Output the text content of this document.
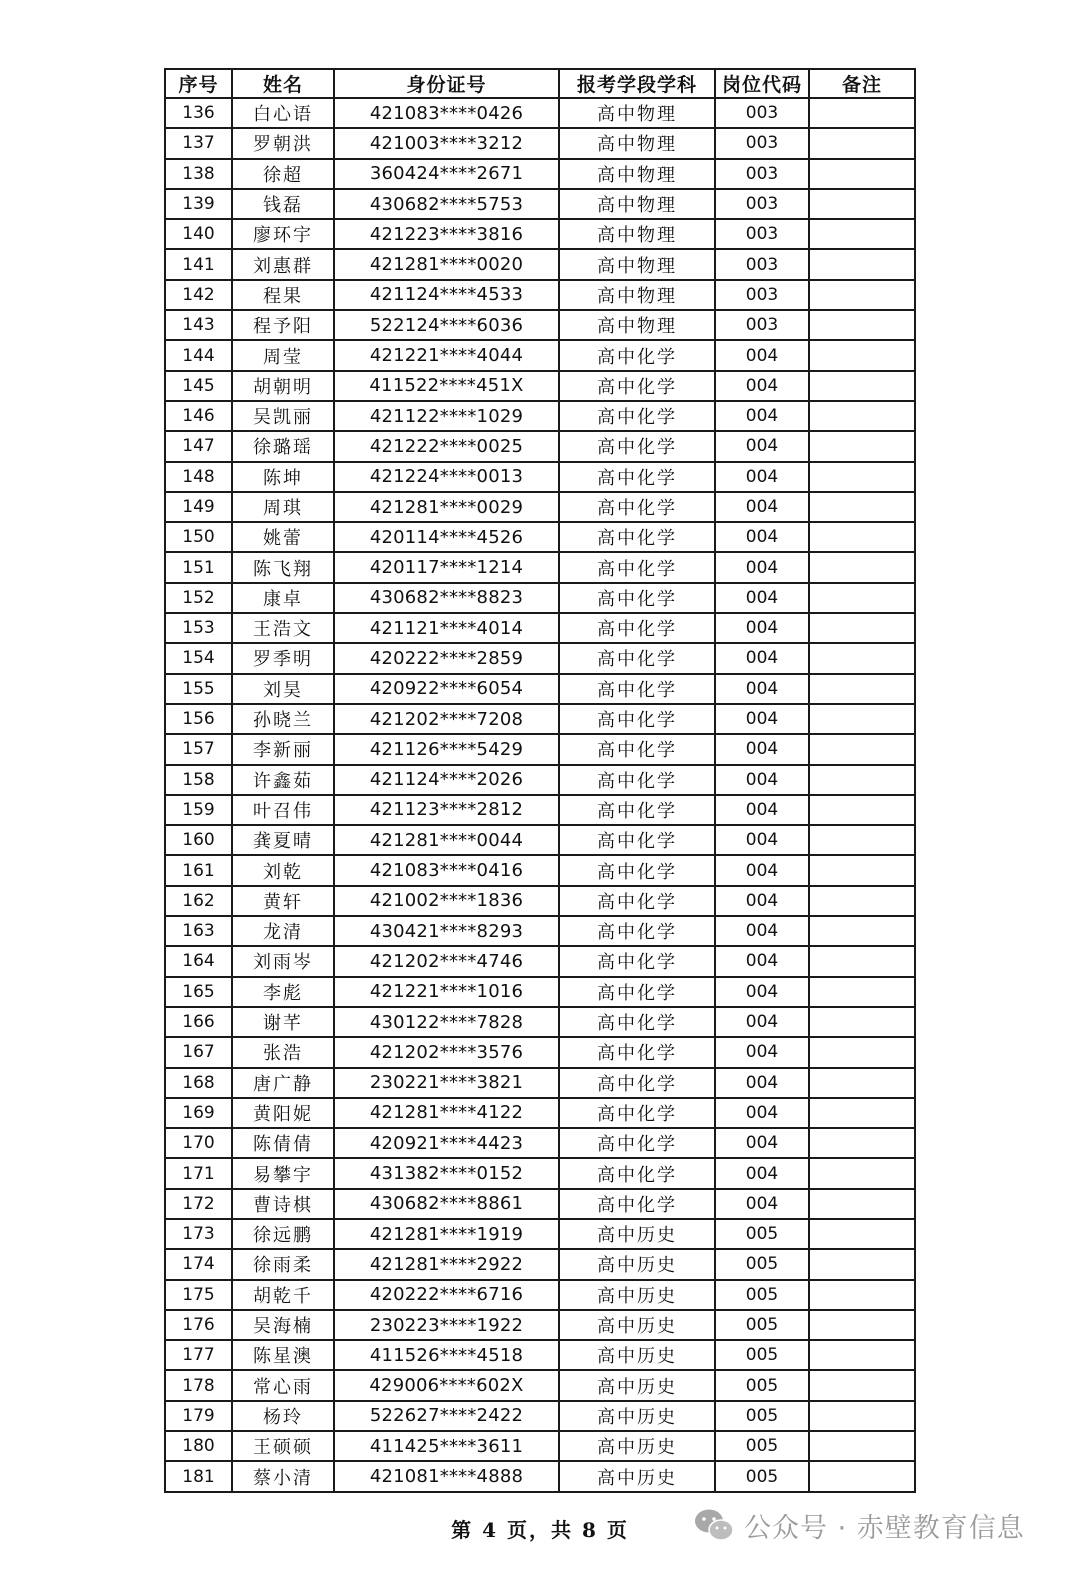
序号	姓名	身份证号	报考学段学科	岗位代码	备注
136	白心语	421083****0426	高中物理	003	
137	罗朝洪	421003****3212	高中物理	003	
138	徐超	360424****2671	高中物理	003	
139	钱磊	430682****5753	高中物理	003	
140	廖环宇	421223****3816	高中物理	003	
141	刘惠群	421281****0020	高中物理	003	
142	程果	421124****4533	高中物理	003	
143	程予阳	522124****6036	高中物理	003	
144	周莹	421221****4044	高中化学	004	
145	胡朝明	411522****451X	高中化学	004	
146	吴凯丽	421122****1029	高中化学	004	
147	徐璐瑶	421222****0025	高中化学	004	
148	陈坤	421224****0013	高中化学	004	
149	周琪	421281****0029	高中化学	004	
150	姚蕾	420114****4526	高中化学	004	
151	陈飞翔	420117****1214	高中化学	004	
152	康卓	430682****8823	高中化学	004	
153	王浩文	421121****4014	高中化学	004	
154	罗季明	420222****2859	高中化学	004	
155	刘昊	420922****6054	高中化学	004	
156	孙晓兰	421202****7208	高中化学	004	
157	李新丽	421126****5429	高中化学	004	
158	许鑫茹	421124****2026	高中化学	004	
159	叶召伟	421123****2812	高中化学	004	
160	龚夏晴	421281****0044	高中化学	004	
161	刘乾	421083****0416	高中化学	004	
162	黄轩	421002****1836	高中化学	004	
163	龙清	430421****8293	高中化学	004	
164	刘雨岑	421202****4746	高中化学	004	
165	李彪	421221****1016	高中化学	004	
166	谢芊	430122****7828	高中化学	004	
167	张浩	421202****3576	高中化学	004	
168	唐广静	230221****3821	高中化学	004	
169	黄阳妮	421281****4122	高中化学	004	
170	陈倩倩	420921****4423	高中化学	004	
171	易攀宇	431382****0152	高中化学	004	
172	曹诗棋	430682****8861	高中化学	004	
173	徐远鹏	421281****1919	高中历史	005	
174	徐雨柔	421281****2922	高中历史	005	
175	胡乾千	420222****6716	高中历史	005	
176	吴海楠	230223****1922	高中历史	005	
177	陈星澳	411526****4518	高中历史	005	
178	常心雨	429006****602X	高中历史	005	
179	杨玲	522627****2422	高中历史	005	
180	王硕硕	411425****3611	高中历史	005	
181	蔡小清	421081****4888	高中历史	005	
第 4 页，共 8 页	公众号 · 赤壁教育信息
